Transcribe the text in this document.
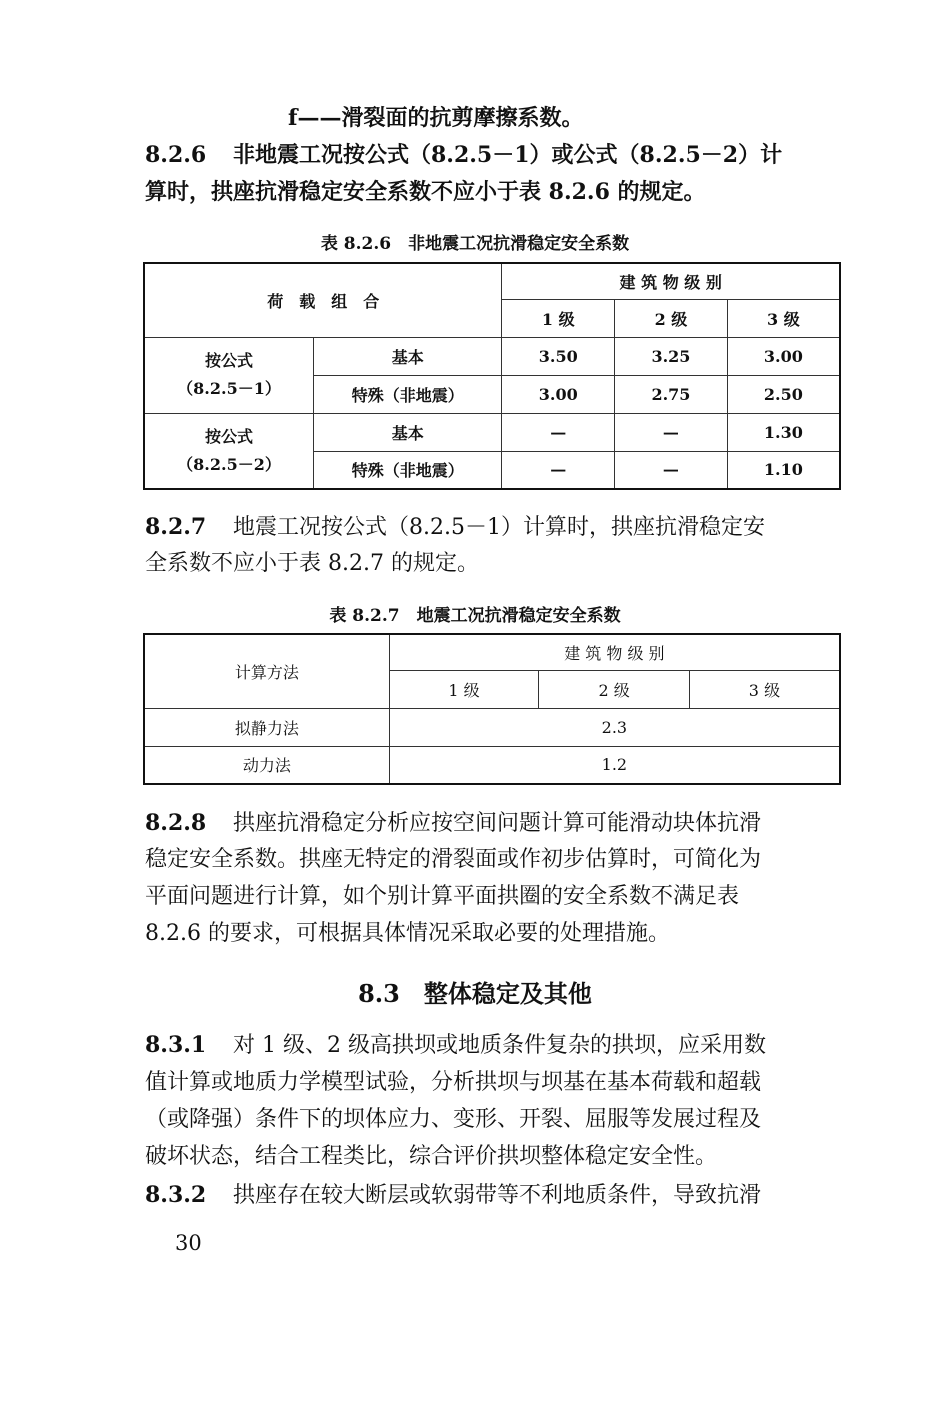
f——滑裂面的抗剪摩擦系数。
8.2.6 非地震工况按公式（8.2.5－1）或公式（8.2.5－2）计
算时，拱座抗滑稳定安全系数不应小于表 8.2.6 的规定。
表 8.2.6　非地震工况抗滑稳定安全系数
荷　载　组　合		建 筑 物 级 别		
		1 级	2 级	3 级
按公式
（8.2.5－1）	基本	3.50	3.25	3.00
	特殊（非地震）	3.00	2.75	2.50
按公式
（8.2.5－2）	基本	—	—	1.30
	特殊（非地震）	—	—	1.10
8.2.7 地震工况按公式（8.2.5－1）计算时，拱座抗滑稳定安
全系数不应小于表 8.2.7 的规定。
表 8.2.7　地震工况抗滑稳定安全系数
计算方法	建 筑 物 级 别		
	1 级	2 级	3 级
拟静力法	2.3		
动力法	1.2		
8.2.8 拱座抗滑稳定分析应按空间问题计算可能滑动块体抗滑
稳定安全系数。拱座无特定的滑裂面或作初步估算时，可简化为
平面问题进行计算，如个别计算平面拱圈的安全系数不满足表
8.2.6 的要求，可根据具体情况采取必要的处理措施。
8.3　整体稳定及其他
8.3.1 对 1 级、2 级高拱坝或地质条件复杂的拱坝，应采用数
值计算或地质力学模型试验，分析拱坝与坝基在基本荷载和超载
（或降强）条件下的坝体应力、变形、开裂、屈服等发展过程及
破坏状态，结合工程类比，综合评价拱坝整体稳定安全性。
8.3.2 拱座存在较大断层或软弱带等不利地质条件，导致抗滑
30
